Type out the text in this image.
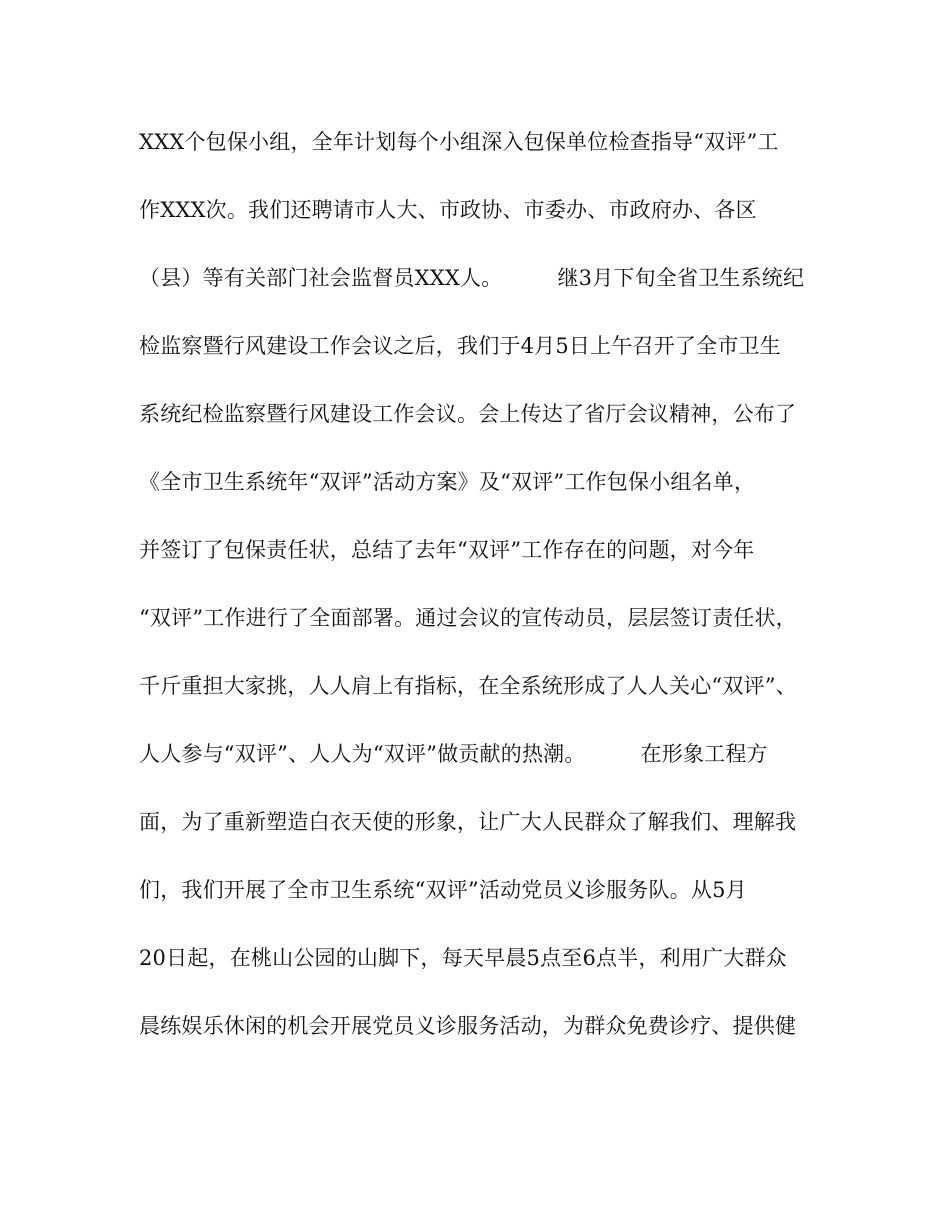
XXX个包保小组，全年计划每个小组深入包保单位检查指导“双评”工
作XXX次。我们还聘请市人大、市政协、市委办、市政府办、各区
（县）等有关部门社会监督员XXX人。        继3月下旬全省卫生系统纪
检监察暨行风建设工作会议之后，我们于4月5日上午召开了全市卫生
系统纪检监察暨行风建设工作会议。会上传达了省厅会议精神，公布了
《全市卫生系统年“双评”活动方案》及“双评”工作包保小组名单，
并签订了包保责任状，总结了去年“双评”工作存在的问题，对今年
“双评”工作进行了全面部署。通过会议的宣传动员，层层签订责任状，
千斤重担大家挑，人人肩上有指标，在全系统形成了人人关心“双评”、
人人参与“双评”、人人为“双评”做贡献的热潮。        在形象工程方
面，为了重新塑造白衣天使的形象，让广大人民群众了解我们、理解我
们，我们开展了全市卫生系统“双评”活动党员义诊服务队。从5月
20日起，在桃山公园的山脚下，每天早晨5点至6点半，利用广大群众
晨练娱乐休闲的机会开展党员义诊服务活动，为群众免费诊疗、提供健
